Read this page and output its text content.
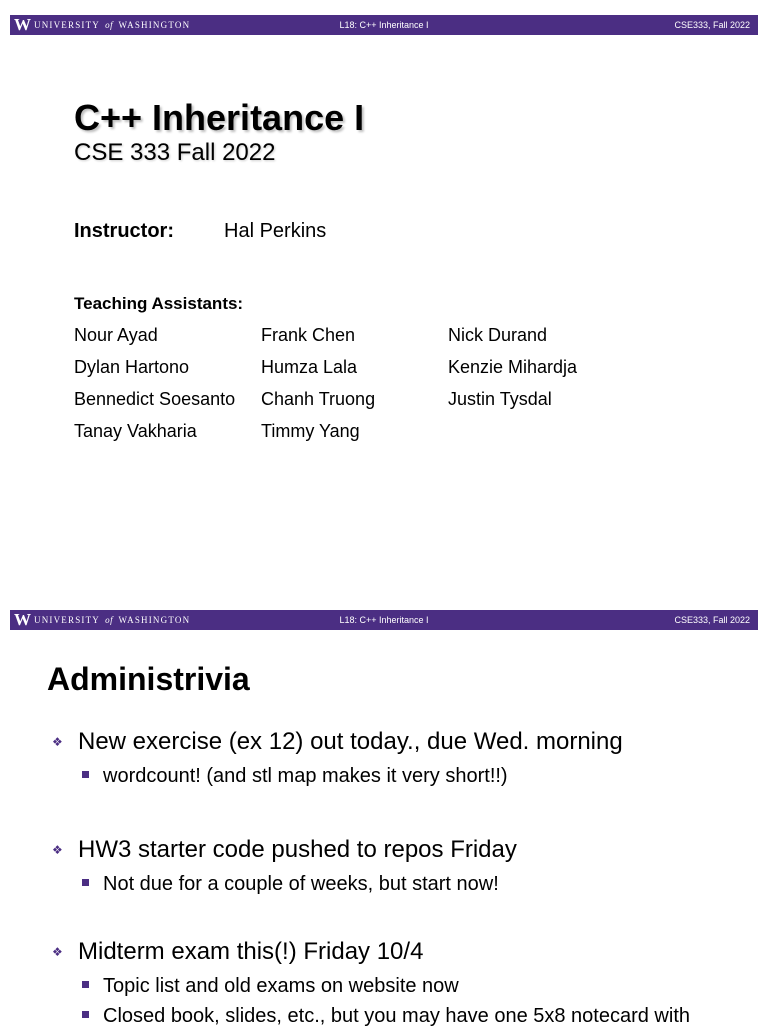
W UNIVERSITY of WASHINGTON	L18: C++ Inheritance I	CSE333, Fall 2022
C++ Inheritance I
CSE 333 Fall 2022
Instructor:	Hal Perkins
Teaching Assistants:
Nour Ayad	Frank Chen	Nick Durand
Dylan Hartono	Humza Lala	Kenzie Mihardja
Bennedict Soesanto	Chanh Truong	Justin Tysdal
Tanay Vakharia	Timmy Yang
W UNIVERSITY of WASHINGTON	L18: C++ Inheritance I	CSE333, Fall 2022
Administrivia
❖ New exercise (ex 12) out today., due Wed. morning
wordcount! (and stl map makes it very short!!)
❖ HW3 starter code pushed to repos Friday
Not due for a couple of weeks, but start now!
❖ Midterm exam this(!) Friday 10/4
Topic list and old exams on website now
Closed book, slides, etc., but you may have one 5x8 notecard with
